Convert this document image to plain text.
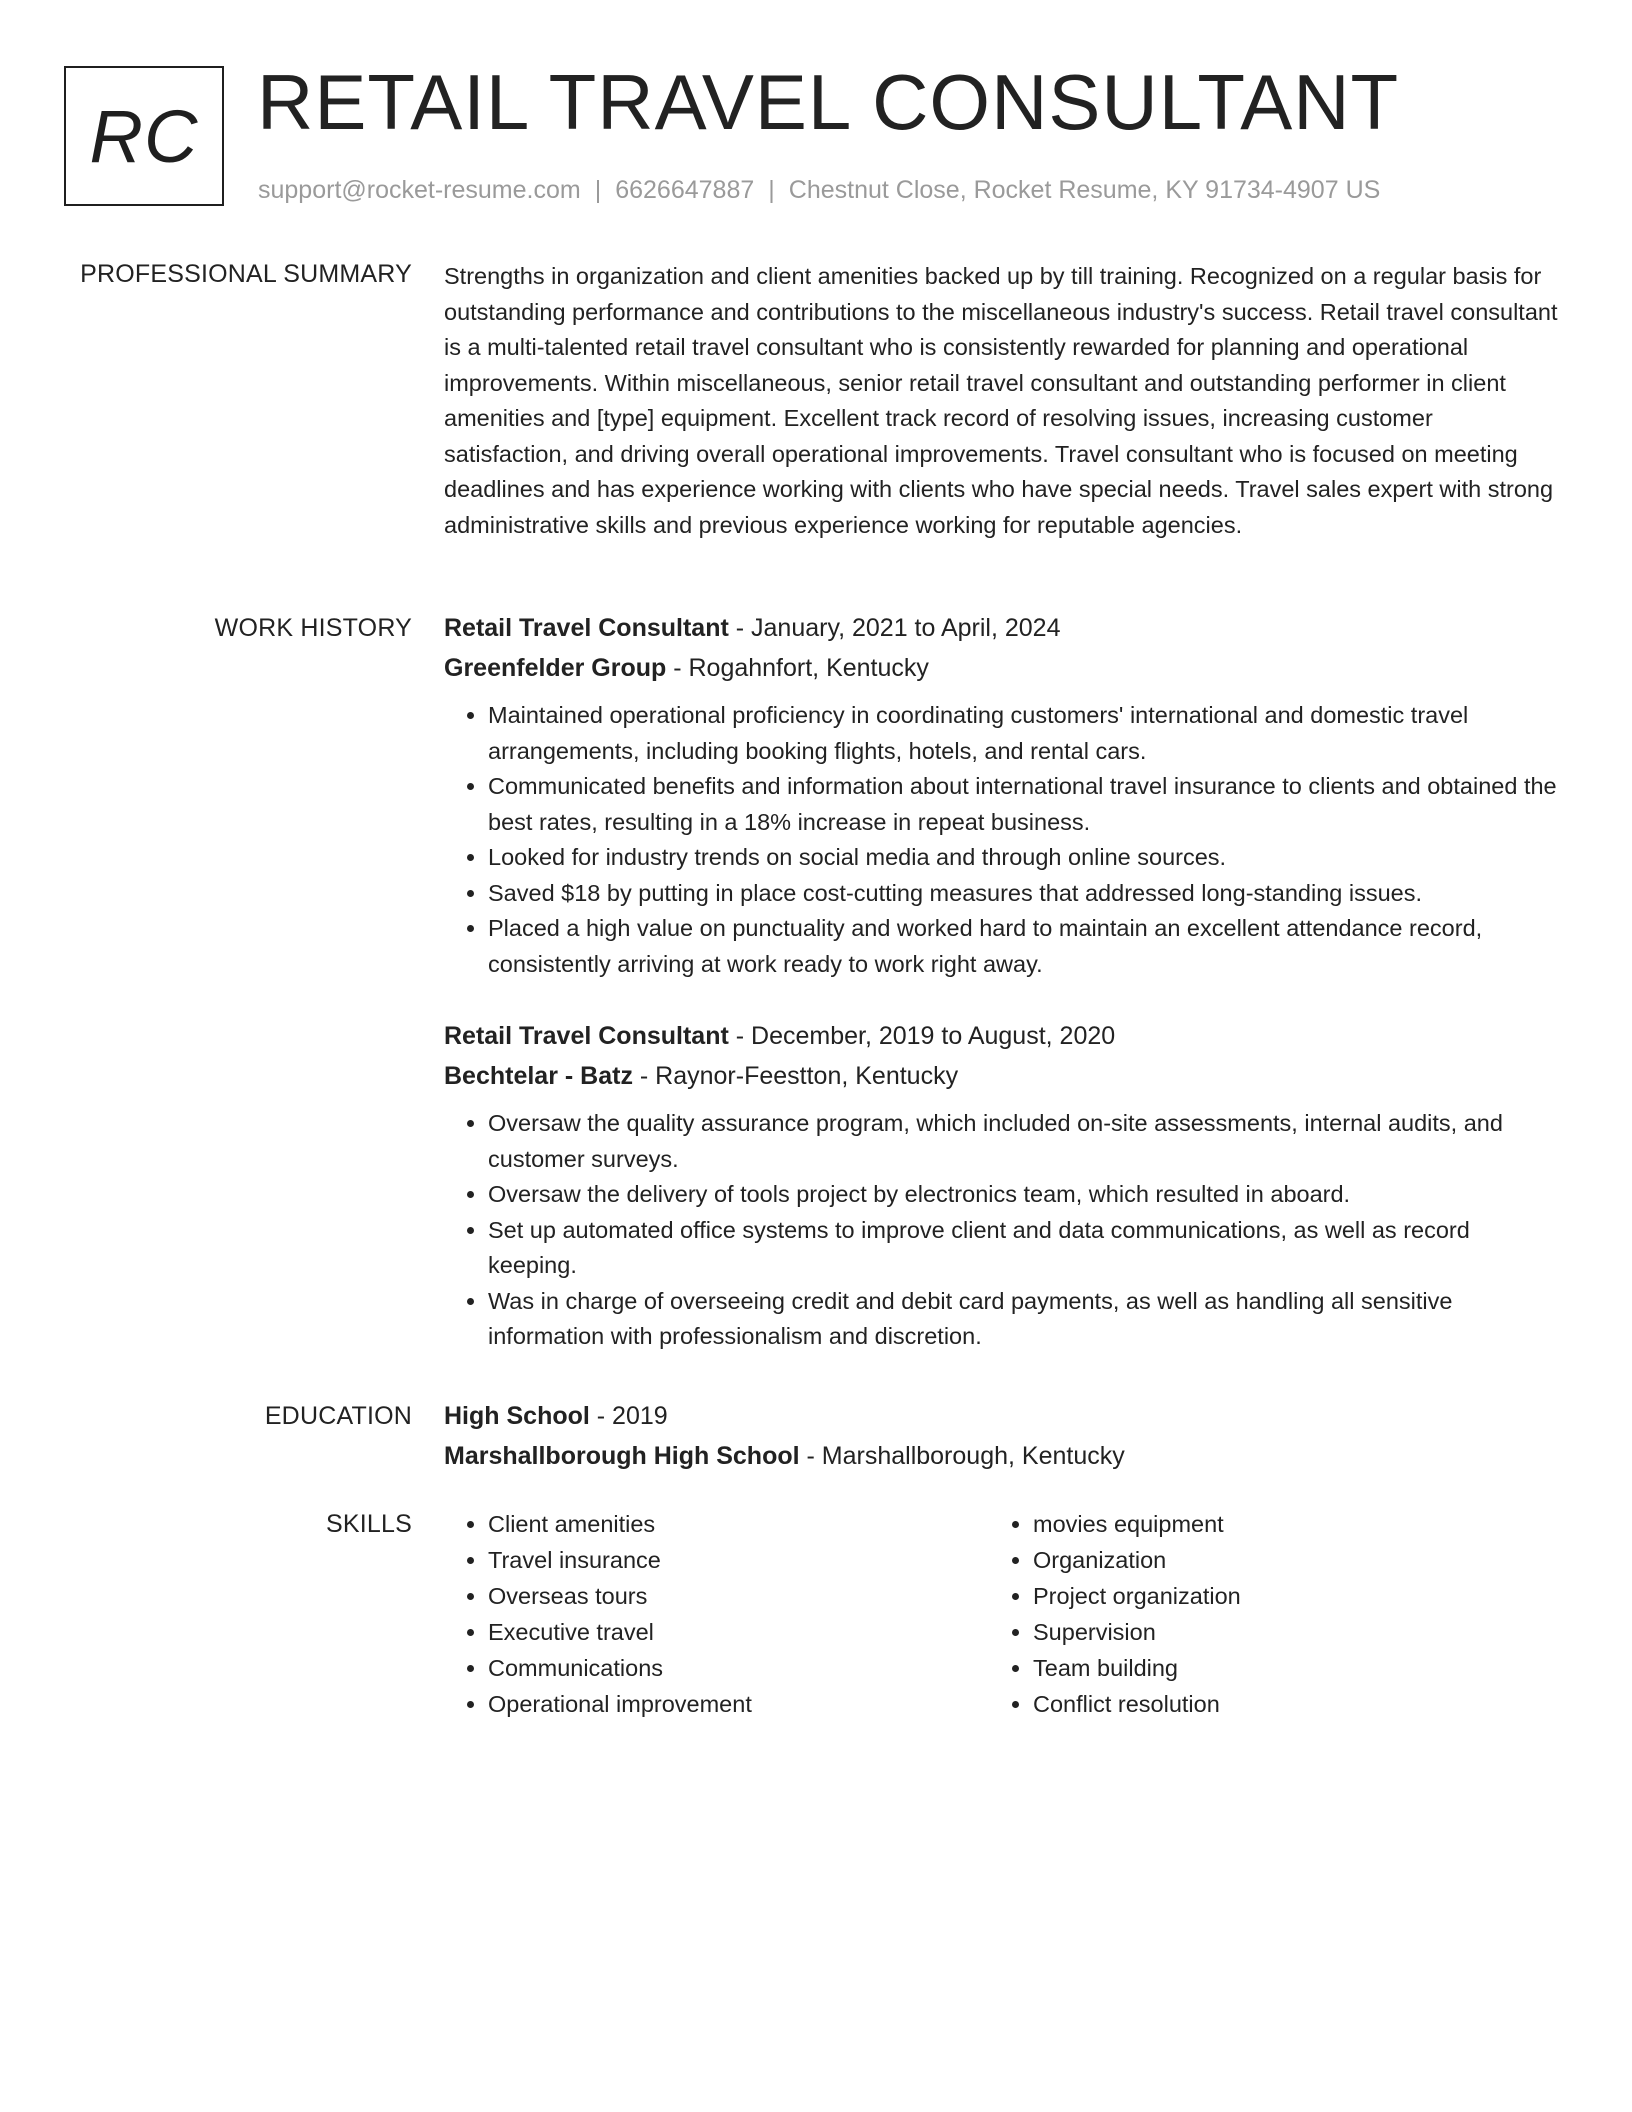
RC RETAIL TRAVEL CONSULTANT
support@rocket-resume.com | 6626647887 | Chestnut Close, Rocket Resume, KY 91734-4907 US
PROFESSIONAL SUMMARY Strengths in organization and client amenities backed up by till training. Recognized on a regular basis for outstanding performance and contributions to the miscellaneous industry's success. Retail travel consultant is a multi-talented retail travel consultant who is consistently rewarded for planning and operational improvements. Within miscellaneous, senior retail travel consultant and outstanding performer in client amenities and [type] equipment. Excellent track record of resolving issues, increasing customer satisfaction, and driving overall operational improvements. Travel consultant who is focused on meeting deadlines and has experience working with clients who have special needs. Travel sales expert with strong administrative skills and previous experience working for reputable agencies.

WORK HISTORY Retail Travel Consultant - January, 2021 to April, 2024
Greenfelder Group - Rogahnfort, Kentucky
• Maintained operational proficiency in coordinating customers' international and domestic travel arrangements, including booking flights, hotels, and rental cars.
• Communicated benefits and information about international travel insurance to clients and obtained the best rates, resulting in a 18% increase in repeat business.
• Looked for industry trends on social media and through online sources.
• Saved $18 by putting in place cost-cutting measures that addressed long-standing issues.
• Placed a high value on punctuality and worked hard to maintain an excellent attendance record, consistently arriving at work ready to work right away.
Retail Travel Consultant - December, 2019 to August, 2020
Bechtelar - Batz - Raynor-Feestton, Kentucky
• Oversaw the quality assurance program, which included on-site assessments, internal audits, and customer surveys.
• Oversaw the delivery of tools project by electronics team, which resulted in aboard.
• Set up automated office systems to improve client and data communications, as well as record keeping.
• Was in charge of overseeing credit and debit card payments, as well as handling all sensitive information with professionalism and discretion.
EDUCATION High School - 2019
Marshallborough High School - Marshallborough, Kentucky
SKILLS
•	Client amenities
• Travel insurance
• Overseas tours
• Executive travel
• Communications
• Operational improvement
• movies equipment
• Organization
• Project organization
• Supervision
• Team building
• Conflict resolution
